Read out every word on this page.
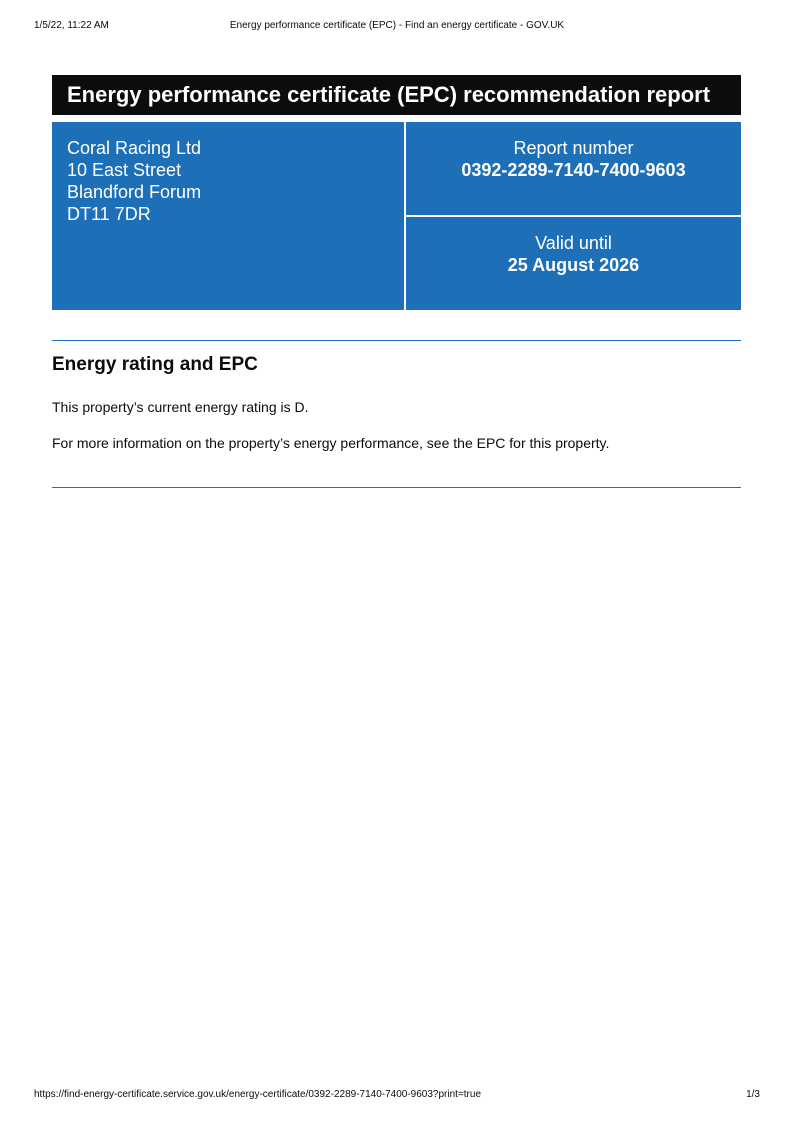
1/5/22, 11:22 AM	Energy performance certificate (EPC) - Find an energy certificate - GOV.UK
Energy performance certificate (EPC) recommendation report
Coral Racing Ltd
10 East Street
Blandford Forum
DT11 7DR
Report number
0392-2289-7140-7400-9603
Valid until
25 August 2026
Energy rating and EPC

This property’s current energy rating is D.

For more information on the property’s energy performance, see the EPC for this property.

https://find-energy-certificate.service.gov.uk/energy-certificate/0392-2289-7140-7400-9603?print=true	1/3
